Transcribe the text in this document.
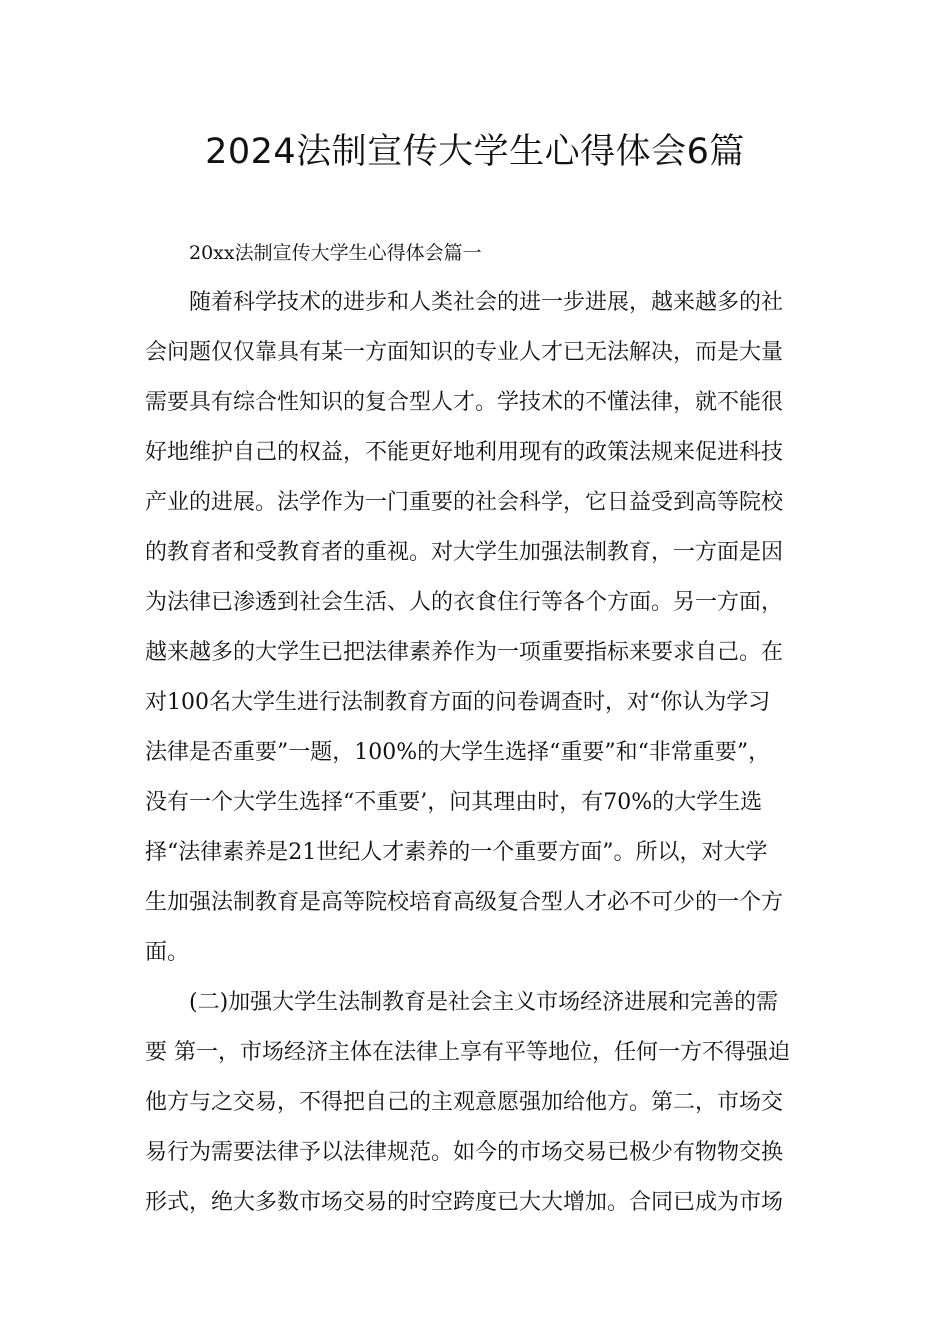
2024法制宣传大学生心得体会6篇
20xx法制宣传大学生心得体会篇一
随着科学技术的进步和人类社会的进一步进展，越来越多的社
会问题仅仅靠具有某一方面知识的专业人才已无法解决，而是大量
需要具有综合性知识的复合型人才。学技术的不懂法律，就不能很
好地维护自己的权益，不能更好地利用现有的政策法规来促进科技
产业的进展。法学作为一门重要的社会科学，它日益受到高等院校
的教育者和受教育者的重视。对大学生加强法制教育，一方面是因
为法律已渗透到社会生活、人的衣食住行等各个方面。另一方面，
越来越多的大学生已把法律素养作为一项重要指标来要求自己。在
对100名大学生进行法制教育方面的问卷调查时，对“你认为学习
法律是否重要”一题，100%的大学生选择“重要”和“非常重要”，
没有一个大学生选择“不重要’，问其理由时，有70%的大学生选
择“法律素养是21世纪人才素养的一个重要方面”。所以，对大学
生加强法制教育是高等院校培育高级复合型人才必不可少的一个方
面。
(二)加强大学生法制教育是社会主义市场经济进展和完善的需
要 第一，市场经济主体在法律上享有平等地位，任何一方不得强迫
他方与之交易，不得把自己的主观意愿强加给他方。第二，市场交
易行为需要法律予以法律规范。如今的市场交易已极少有物物交换
形式，绝大多数市场交易的时空跨度已大大增加。合同已成为市场
